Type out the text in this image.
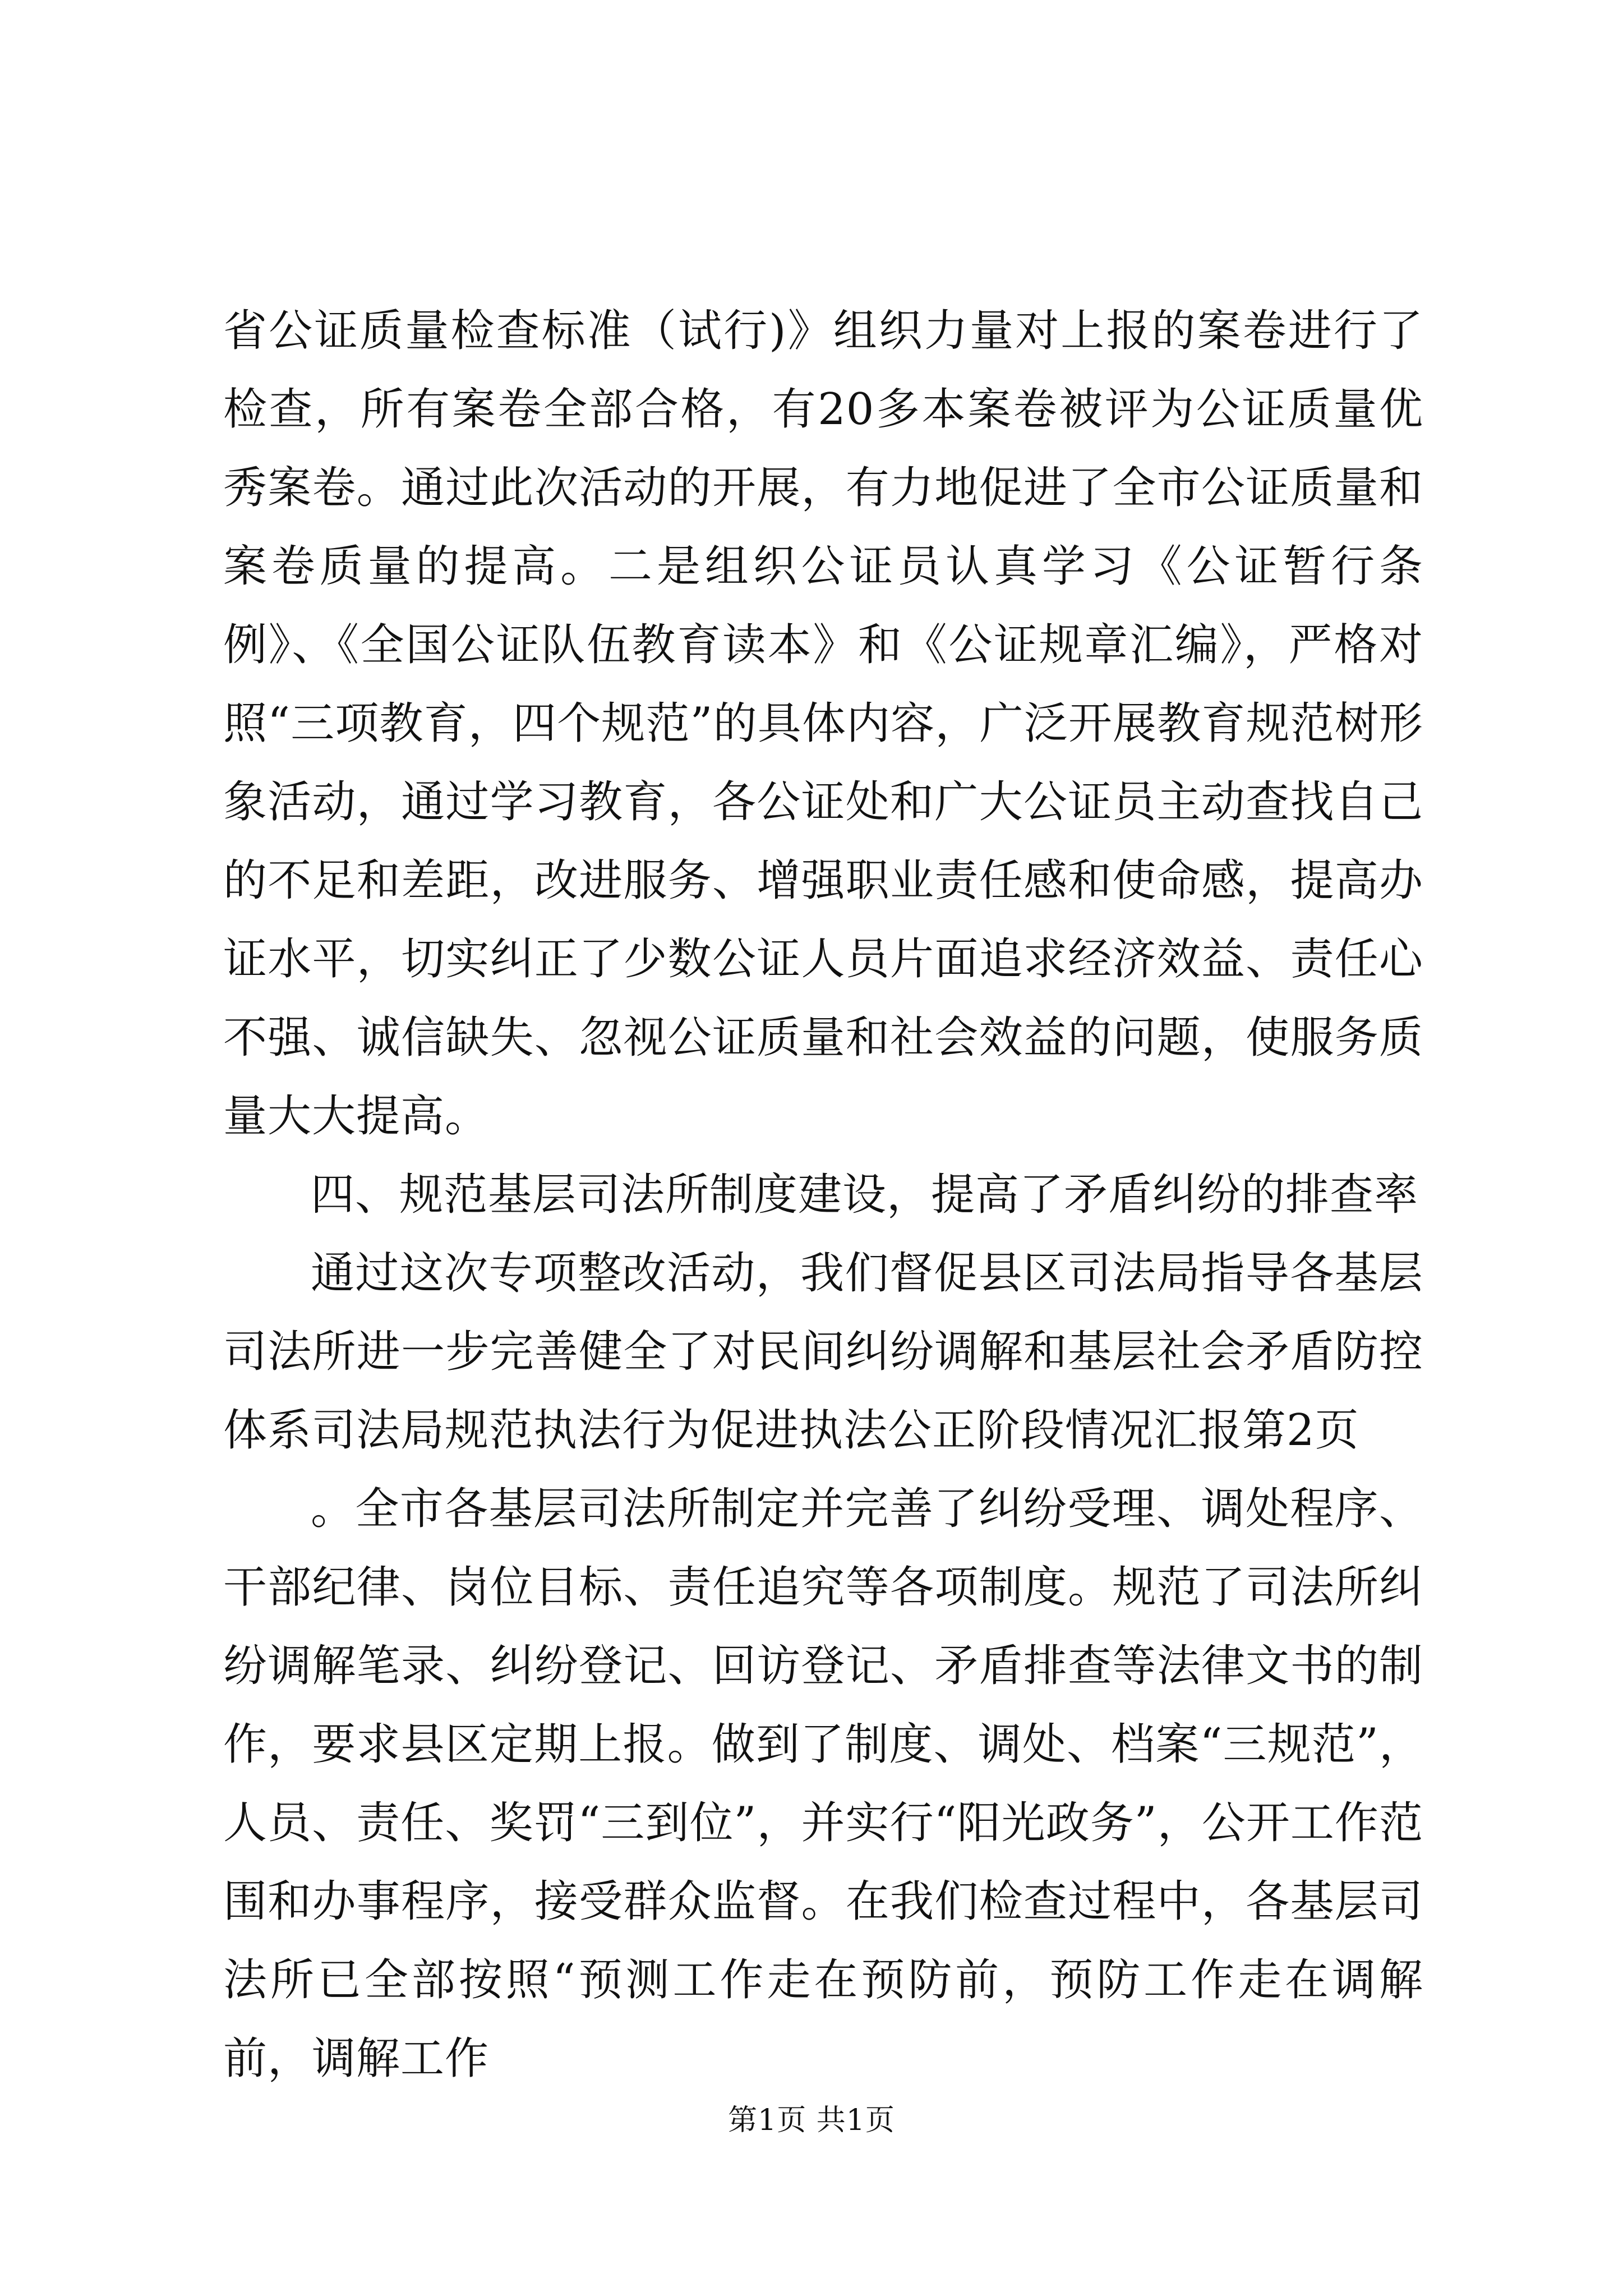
省公证质量检查标准（试行)》组织力量对上报的案卷进行了检查，所有案卷全部合格，有20多本案卷被评为公证质量优秀案卷。通过此次活动的开展，有力地促进了全市公证质量和案卷质量的提高。二是组织公证员认真学习《公证暂行条例》、《全国公证队伍教育读本》和《公证规章汇编》，严格对照“三项教育，四个规范”的具体内容，广泛开展教育规范树形象活动，通过学习教育，各公证处和广大公证员主动查找自己的不足和差距，改进服务、增强职业责任感和使命感，提高办证水平，切实纠正了少数公证人员片面追求经济效益、责任心不强、诚信缺失、忽视公证质量和社会效益的问题，使服务质量大大提高。

四、规范基层司法所制度建设，提高了矛盾纠纷的排查率

通过这次专项整改活动，我们督促县区司法局指导各基层司法所进一步完善健全了对民间纠纷调解和基层社会矛盾防控体系司法局规范执法行为促进执法公正阶段情况汇报第2页

。全市各基层司法所制定并完善了纠纷受理、调处程序、干部纪律、岗位目标、责任追究等各项制度。规范了司法所纠纷调解笔录、纠纷登记、回访登记、矛盾排查等法律文书的制作，要求县区定期上报。做到了制度、调处、档案“三规范”，人员、责任、奖罚“三到位”，并实行“阳光政务”，公开工作范围和办事程序，接受群众监督。在我们检查过程中，各基层司法所已全部按照“预测工作走在预防前，预防工作走在调解前，调解工作

第1页 共1页
